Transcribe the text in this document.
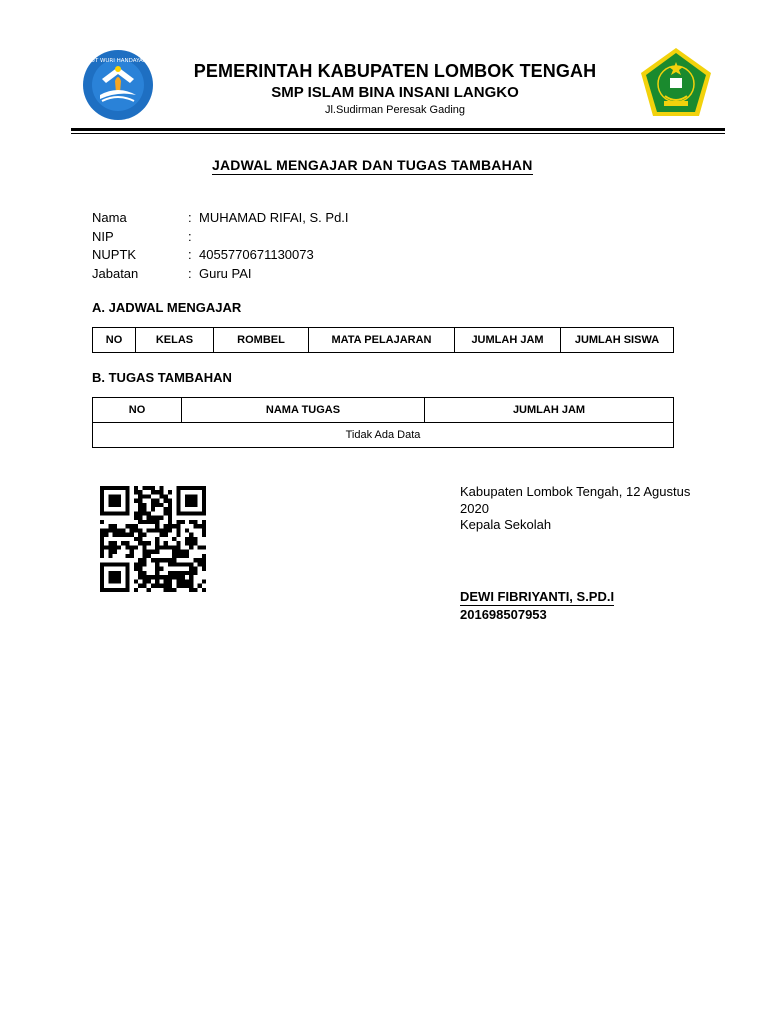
TUT WURI HANDAYANI	PEMERINTAH KABUPATEN LOMBOK TENGAH
SMP ISLAM BINA INSANI LANGKO
Jl.Sudirman Peresak Gading
JADWAL MENGAJAR DAN TUGAS TAMBAHAN
Nama	: MUHAMAD RIFAI, S. Pd.I
NIP	:
NUPTK	: 4055770671130073
Jabatan	: Guru PAI
A. JADWAL MENGAJAR
NO	KELAS	ROMBEL	MATA PELAJARAN	JUMLAH JAM	JUMLAH SISWA
B. TUGAS TAMBAHAN
NO	NAMA TUGAS	JUMLAH JAM
Tidak Ada Data
Kabupaten Lombok Tengah, 12 Agustus 2020
Kepala Sekolah
DEWI FIBRIYANTI, S.PD.I
201698507953
